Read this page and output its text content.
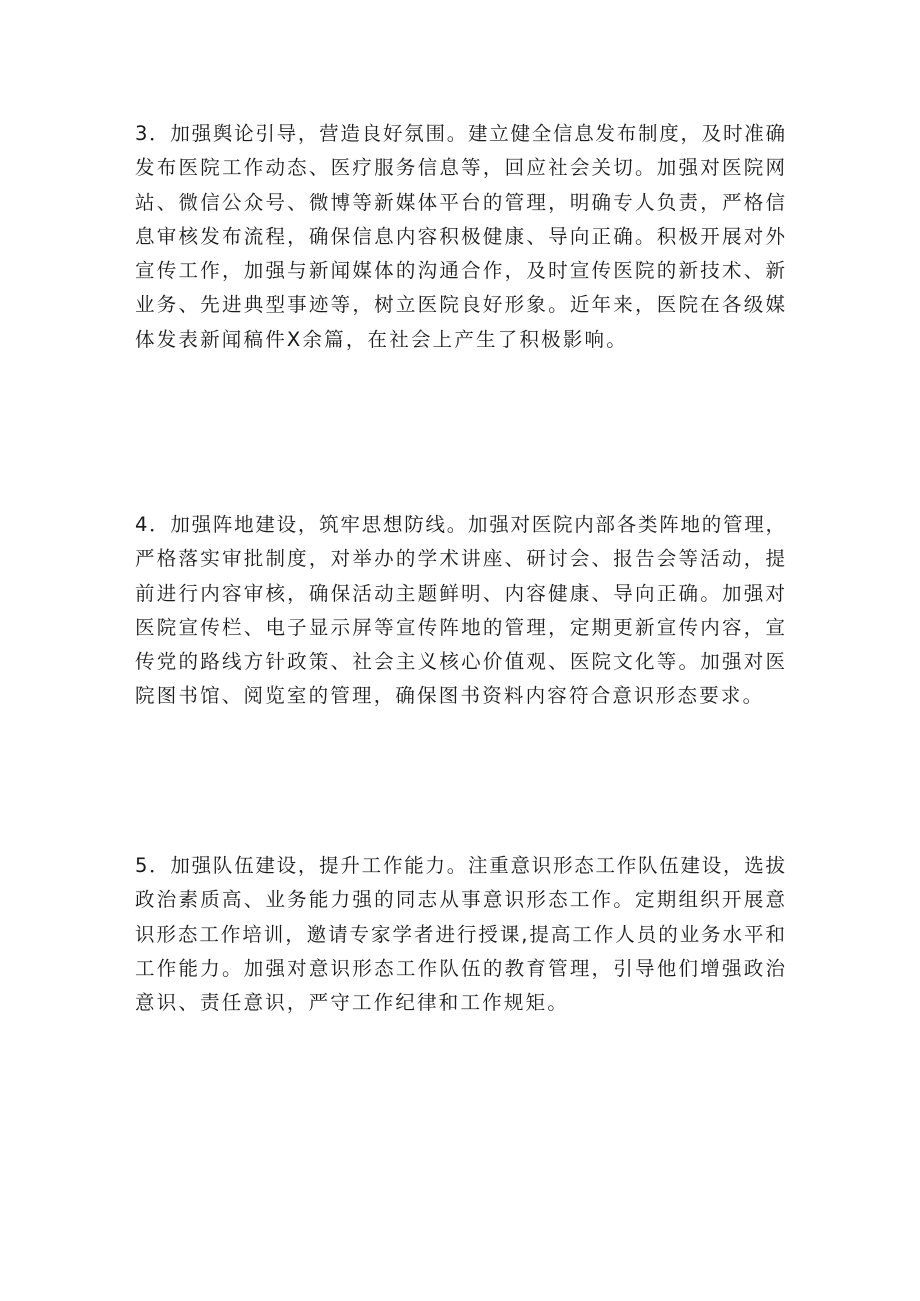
3．加强舆论引导，营造良好氛围。建立健全信息发布制度，及时准确
发布医院工作动态、医疗服务信息等，回应社会关切。加强对医院网
站、微信公众号、微博等新媒体平台的管理，明确专人负责，严格信
息审核发布流程，确保信息内容积极健康、导向正确。积极开展对外
宣传工作，加强与新闻媒体的沟通合作，及时宣传医院的新技术、新
业务、先进典型事迹等，树立医院良好形象。近年来，医院在各级媒
体发表新闻稿件X余篇，在社会上产生了积极影响。
4．加强阵地建设，筑牢思想防线。加强对医院内部各类阵地的管理，
严格落实审批制度，对举办的学术讲座、研讨会、报告会等活动，提
前进行内容审核，确保活动主题鲜明、内容健康、导向正确。加强对
医院宣传栏、电子显示屏等宣传阵地的管理，定期更新宣传内容，宣
传党的路线方针政策、社会主义核心价值观、医院文化等。加强对医
院图书馆、阅览室的管理，确保图书资料内容符合意识形态要求。
5．加强队伍建设，提升工作能力。注重意识形态工作队伍建设，选拔
政治素质高、业务能力强的同志从事意识形态工作。定期组织开展意
识形态工作培训，邀请专家学者进行授课,提高工作人员的业务水平和
工作能力。加强对意识形态工作队伍的教育管理，引导他们增强政治
意识、责任意识，严守工作纪律和工作规矩。
